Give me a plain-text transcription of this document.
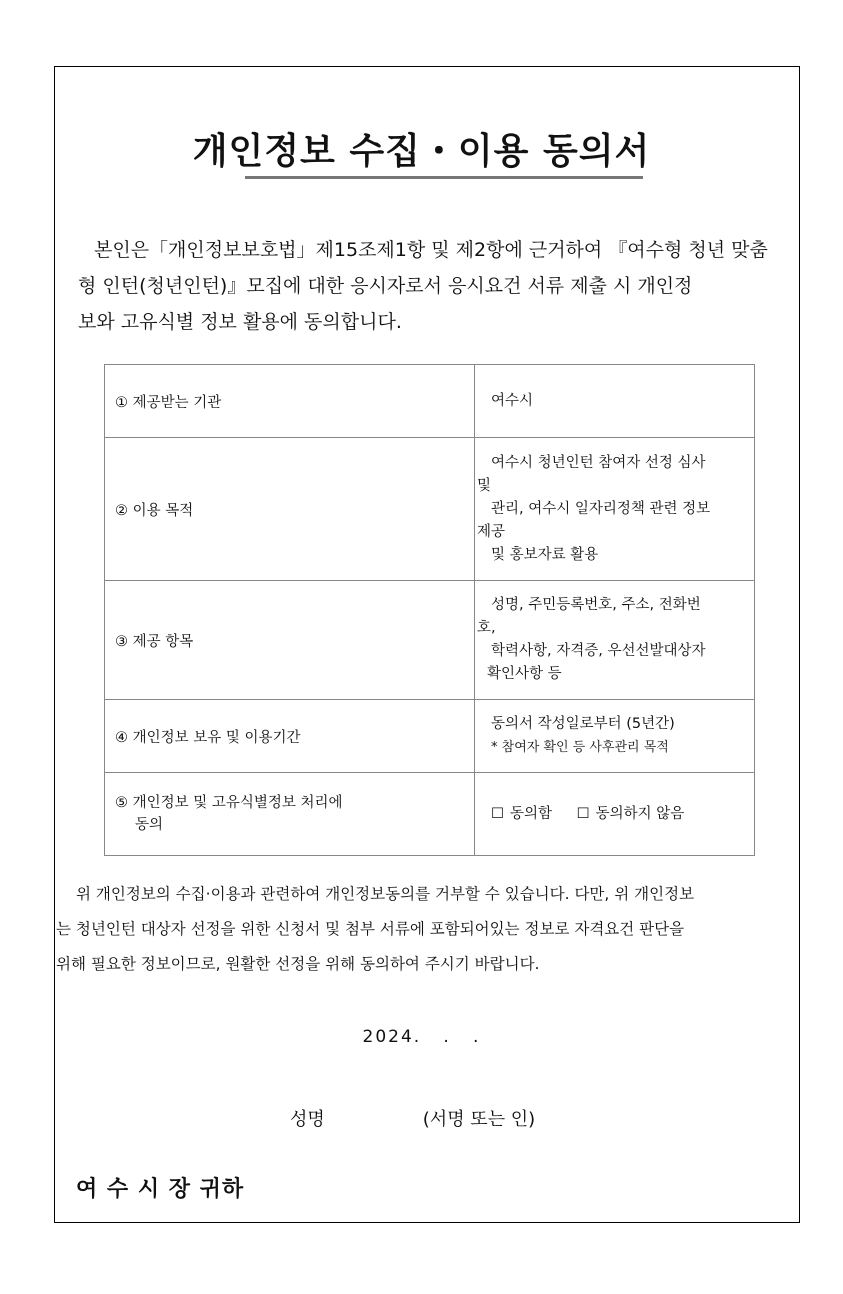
개인정보 수집・이용 동의서
본인은「개인정보보호법」제15조제1항 및 제2항에 근거하여 『여수형 청년 맞춤
형 인턴(청년인턴)』모집에 대한 응시자로서 응시요건 서류 제출 시 개인정
보와 고유식별 정보 활용에 동의합니다.
① 제공받는 기관	여수시

② 이용 목적	여수시 청년인턴 참여자 선정 심사
및
관리, 여수시 일자리정책 관련 정보
제공
및 홍보자료 활용

③ 제공 항목	성명, 주민등록번호, 주소, 전화번
호,
학력사항, 자격증, 우선선발대상자
확인사항 등

④ 개인정보 보유 및 이용기간	동의서 작성일로부터 (5년간)
* 참여자 확인 등 사후관리 목적

⑤ 개인정보 및 고유식별정보 처리에
동의	☐ 동의함 ☐ 동의하지 않음
위 개인정보의 수집·이용과 관련하여 개인정보동의를 거부할 수 있습니다. 다만, 위 개인정보
는 청년인턴 대상자 선정을 위한 신청서 및 첨부 서류에 포함되어있는 정보로 자격요건 판단을
위해 필요한 정보이므로, 원활한 선정을 위해 동의하여 주시기 바랍니다.
2024.   .   .
성명	(서명 또는 인)
여 수 시 장 귀하
